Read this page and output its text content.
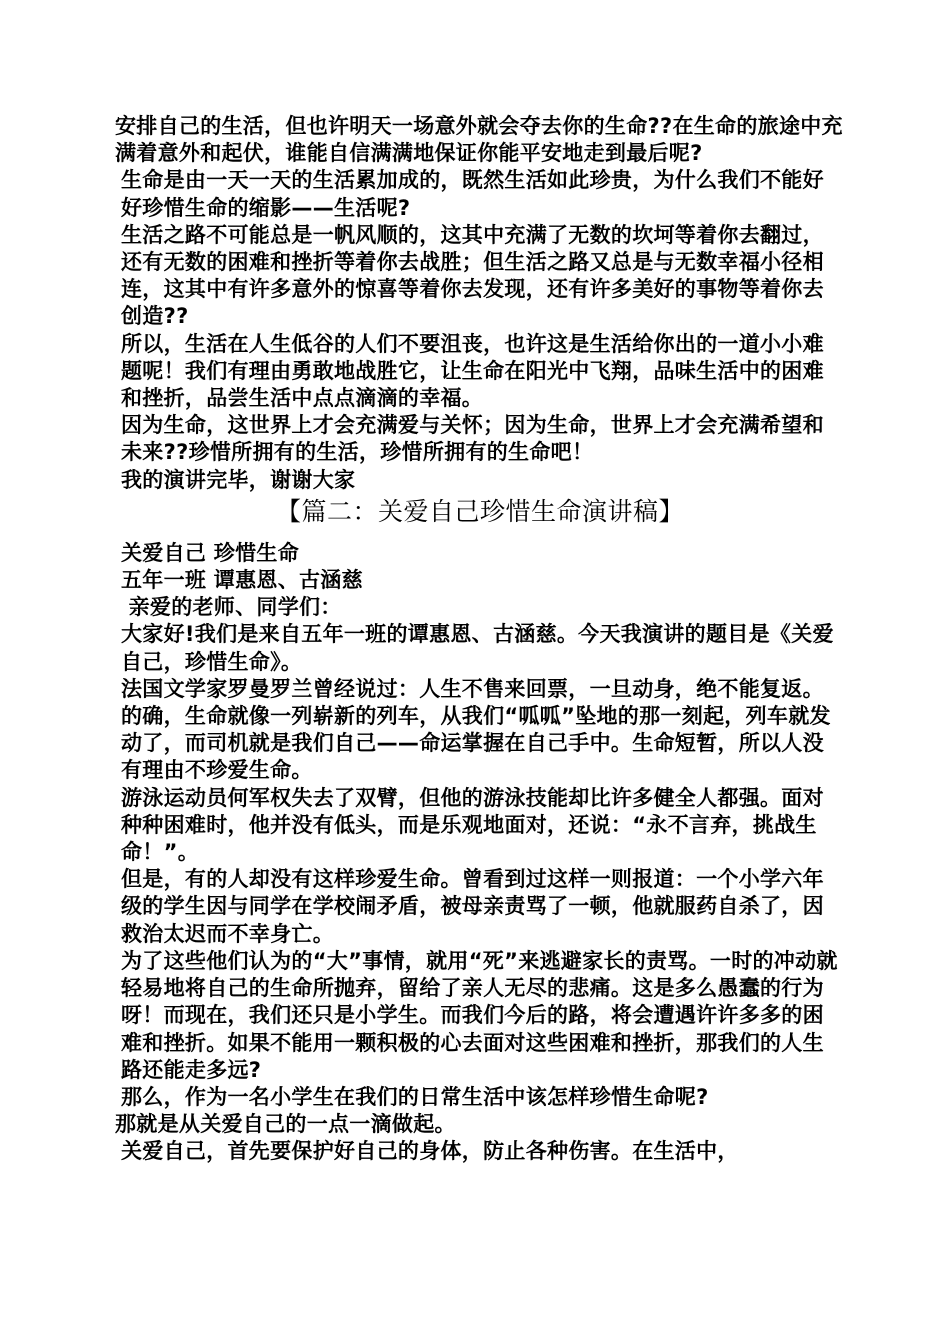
安排自己的生活，但也许明天一场意外就会夺去你的生命??在生命的旅途中充满着意外和起伏，谁能自信满满地保证你能平安地走到最后呢?

生命是由一天一天的生活累加成的，既然生活如此珍贵，为什么我们不能好好珍惜生命的缩影——生活呢?

生活之路不可能总是一帆风顺的，这其中充满了无数的坎坷等着你去翻过，还有无数的困难和挫折等着你去战胜；但生活之路又总是与无数幸福小径相连，这其中有许多意外的惊喜等着你去发现，还有许多美好的事物等着你去创造??

所以，生活在人生低谷的人们不要沮丧，也许这是生活给你出的一道小小难题呢！我们有理由勇敢地战胜它，让生命在阳光中飞翔，品味生活中的困难和挫折，品尝生活中点点滴滴的幸福。

因为生命，这世界上才会充满爱与关怀；因为生命，世界上才会充满希望和未来??珍惜所拥有的生活，珍惜所拥有的生命吧！

我的演讲完毕，谢谢大家

【篇二：关爱自己珍惜生命演讲稿】

关爱自己 珍惜生命

五年一班 谭惠恩、古涵慈

亲爱的老师、同学们：

大家好!我们是来自五年一班的谭惠恩、古涵慈。今天我演讲的题目是《关爱自己，珍惜生命》。

法国文学家罗曼罗兰曾经说过：人生不售来回票，一旦动身，绝不能复返。的确，生命就像一列崭新的列车，从我们“呱呱”坠地的那一刻起，列车就发动了，而司机就是我们自己——命运掌握在自己手中。生命短暂，所以人没有理由不珍爱生命。

游泳运动员何军权失去了双臂，但他的游泳技能却比许多健全人都强。面对种种困难时，他并没有低头，而是乐观地面对，还说：“永不言弃，挑战生命！”。

但是，有的人却没有这样珍爱生命。曾看到过这样一则报道：一个小学六年级的学生因与同学在学校闹矛盾，被母亲责骂了一顿，他就服药自杀了，因救治太迟而不幸身亡。

为了这些他们认为的“大”事情，就用“死”来逃避家长的责骂。一时的冲动就轻易地将自己的生命所抛弃，留给了亲人无尽的悲痛。这是多么愚蠢的行为呀！而现在，我们还只是小学生。而我们今后的路，将会遭遇许许多多的困难和挫折。如果不能用一颗积极的心去面对这些困难和挫折，那我们的人生路还能走多远?

那么，作为一名小学生在我们的日常生活中该怎样珍惜生命呢?

那就是从关爱自己的一点一滴做起。

关爱自己，首先要保护好自己的身体，防止各种伤害。在生活中，
